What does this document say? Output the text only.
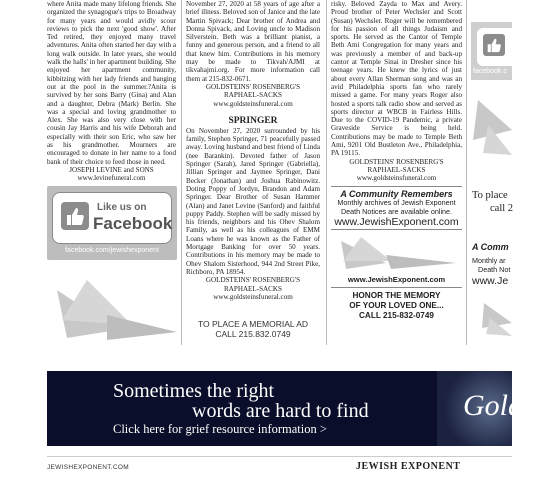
where Anita made many lifelong friends. She organized the synagogue's trips to Broadway for many years and would avidly scour reviews to pick the next 'good show'. After Ted retired, they enjoyed many travel adventures. Anita often started her day with a long walk outside. In later years, she would walk the halls' in her apartment building. She enjoyed her apartment community, kibbitzing with her lady friends and hanging out at the pool in the summer.?Anita is survived by her sons Barry (Gina) and Alan and a daughter, Debra (Mark) Berlin. She was a special and loving grandmother to Alex. She was also very close with her cousin Jay Harris and his wife Deborah and especially with their son Eric, who saw her as his grandmother. Mourners are encouraged to donate in her name to a food bank of their choice to feed those in need.

JOSEPH LEVINE and SONS

www.levinefuneral.com

Like us on
Facebook
facebook.com/jewishexponent

November 27, 2020 at 58 years of age after a brief illness. Beloved son of Janice and the late Martin Spivack; Dear brother of Andrea and Donna Spivack, and Loving uncle to Madison Silverstein. Beth was a brilliant pianist, a funny and generous person, and a friend to all that knew him. Contributions in his memory may be made to Tikvah/AJMI at tikvahajmi.org. For more information call them at 215-832-0671.

GOLDSTEINS' ROSENBERG'S

RAPHAEL-SACKS

www.goldsteinsfuneral.com

SPRINGER

On November 27, 2020 surrounded by his family, Stephen Springer, 71 peacefully passed away. Loving husband and best friend of Linda (nee Barankin). Devoted father of Jason Springer (Sarah), Jared Springer (Gabriella), Jillian Springer and Jaymee Springer, Dani Becker (Jonathan) and Joshua Rabinowitz. Doting Poppy of Jordyn, Brandon and Adam Springer. Dear Brother of Susan Hammer (Alan) and Janet Levine (Sanford) and faithful puppy Paddy. Stephen will be sadly missed by his friends, neighbors and his Ohev Shalom Family, as well as his colleagues of EMM Loans where he was known as the Father of Mortgage Banking for over 50 years. Contributions in his memory may be made to Ohev Shalom Sisterhood, 944 2nd Street Pike, Richboro, PA 18954.

GOLDSTEINS' ROSENBERG'S

RAPHAEL-SACKS

www.goldsteinsfuneral.com

TO PLACE A MEMORIAL AD
CALL 215.832.0749

risky. Beloved Zayda to Max and Avery. Proud brother of Peter Wechsler and Scott (Susan) Wechsler. Roger will be remembered for his passion of all things Judaism and sports. He served as the Cantor of Temple Beth Ami Congregation for many years and was previously a member of and back-up cantor at Temple Sinai in Dresher since his teenage years. He knew the lyrics of just about every Allan Sherman song and was an avid Philadelphia sports fan who rarely missed a game. For many years Roger also hosted a sports talk radio show and served as sports director at WBCB in Fairless Hills. Due to the COVID-19 Pandemic, a private Graveside Service is being held. Contributions may be made to Temple Beth Ami, 9201 Old Bustleton Ave., Philadelphia, PA 19115.

GOLDSTEINS' ROSENBERG'S

RAPHAEL-SACKS

www.goldsteinsfuneral.com

A Community Remembers
Monthly archives of Jewish Exponent
Death Notices are available online.
www.JewishExponent.com
www.JewishExponent.com
HONOR THE MEMORY
OF YOUR LOVED ONE...
CALL 215-832-0749
facebook.c
To place
call 2
A Comm
Monthly ar
Death Not
www.Je
Sometimes the right
words are hard to find
Click here for grief resource information >
Golds
JEWISHEXPONENT.COM	JEWISH EXPONENT
